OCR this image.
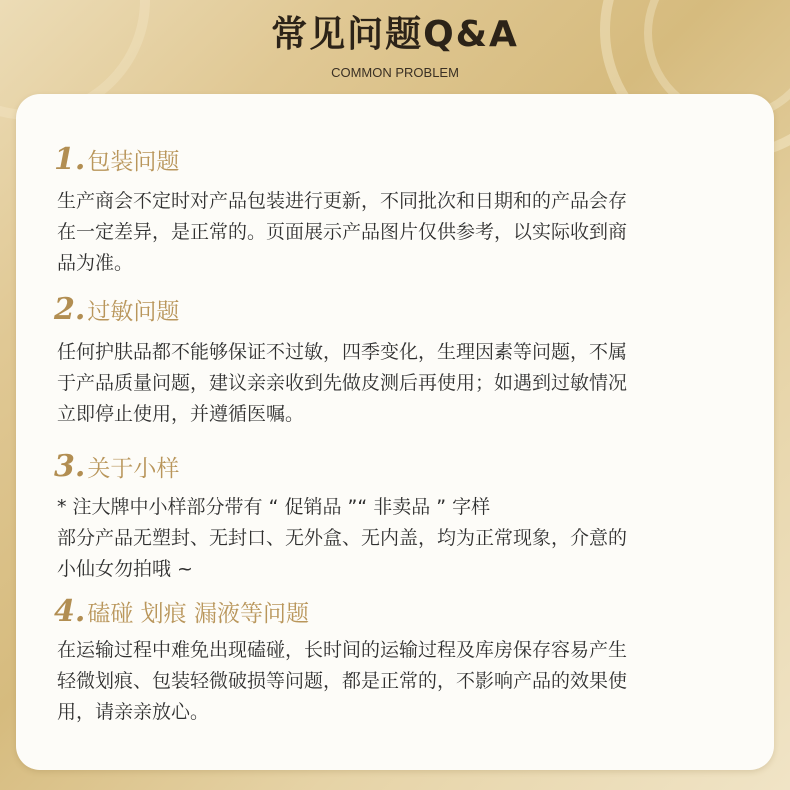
常见问题Q&A
COMMON PROBLEM
1.包装问题
生产商会不定时对产品包装进行更新，不同批次和日期和的产品会存
在一定差异，是正常的。页面展示产品图片仅供参考，以实际收到商
品为准。
2.过敏问题
任何护肤品都不能够保证不过敏，四季变化，生理因素等问题，不属
于产品质量问题，建议亲亲收到先做皮测后再使用；如遇到过敏情况
立即停止使用，并遵循医嘱。
3.关于小样
* 注大牌中小样部分带有 “ 促销品 ”“ 非卖品 ” 字样
部分产品无塑封、无封口、无外盒、无内盖，均为正常现象，介意的
小仙女勿拍哦 ~
4.磕碰 划痕 漏液等问题
在运输过程中难免出现磕碰，长时间的运输过程及库房保存容易产生
轻微划痕、包装轻微破损等问题，都是正常的，不影响产品的效果使
用，请亲亲放心。
